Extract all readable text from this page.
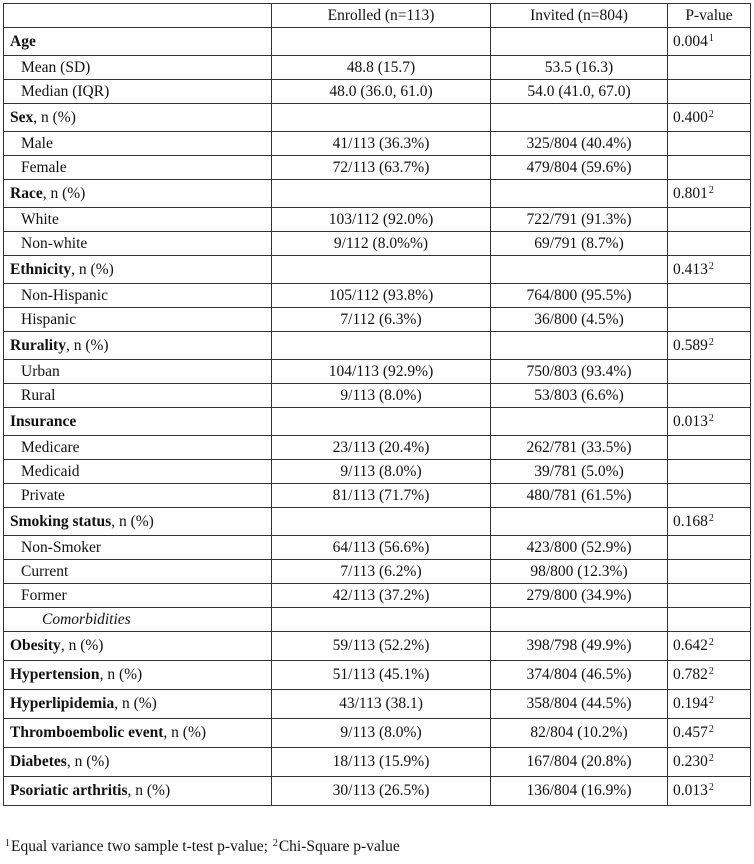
	Enrolled (n=113)	Invited (n=804)	P-value
Age			0.0041
Mean (SD)	48.8 (15.7)	53.5 (16.3)	
Median (IQR)	48.0 (36.0, 61.0)	54.0 (41.0, 67.0)	
Sex, n (%)			0.4002
Male	41/113 (36.3%)	325/804 (40.4%)	
Female	72/113 (63.7%)	479/804 (59.6%)	
Race, n (%)			0.8012
White	103/112 (92.0%)	722/791 (91.3%)	
Non-white	9/112 (8.0%%)	69/791 (8.7%)	
Ethnicity, n (%)			0.4132
Non-Hispanic	105/112 (93.8%)	764/800 (95.5%)	
Hispanic	7/112 (6.3%)	36/800 (4.5%)	
Rurality, n (%)			0.5892
Urban	104/113 (92.9%)	750/803 (93.4%)	
Rural	9/113 (8.0%)	53/803 (6.6%)	
Insurance			0.0132
Medicare	23/113 (20.4%)	262/781 (33.5%)	
Medicaid	9/113 (8.0%)	39/781 (5.0%)	
Private	81/113 (71.7%)	480/781 (61.5%)	
Smoking status, n (%)			0.1682
Non-Smoker	64/113 (56.6%)	423/800 (52.9%)	
Current	7/113 (6.2%)	98/800 (12.3%)	
Former	42/113 (37.2%)	279/800 (34.9%)	
Comorbidities			
Obesity, n (%)	59/113 (52.2%)	398/798 (49.9%)	0.6422
Hypertension, n (%)	51/113 (45.1%)	374/804 (46.5%)	0.7822
Hyperlipidemia, n (%)	43/113 (38.1)	358/804 (44.5%)	0.1942
Thromboembolic event, n (%)	9/113 (8.0%)	82/804 (10.2%)	0.4572
Diabetes, n (%)	18/113 (15.9%)	167/804 (20.8%)	0.2302
Psoriatic arthritis, n (%)	30/113 (26.5%)	136/804 (16.9%)	0.0132
1Equal variance two sample t-test p-value; 2Chi-Square p-value
